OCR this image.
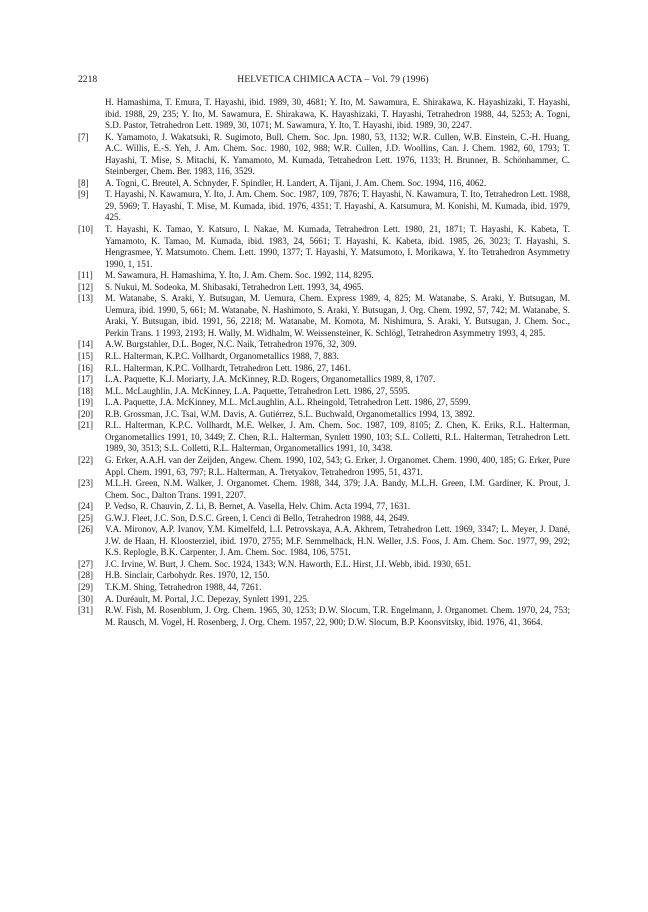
2218	HELVETICA CHIMICA ACTA – Vol. 79 (1996)
H. Hamashima, T. Emura, T. Hayashi, ibid. 1989, 30, 4681; Y. Ito, M. Sawamura, E. Shirakawa, K. Hayashizaki, T. Hayashi, ibid. 1988, 29, 235; Y. Ito, M. Sawamura, E. Shirakawa, K. Hayashizaki, T. Hayashi, Tetrahedron 1988, 44, 5253; A. Togni, S.D. Pastor, Tetrahedron Lett. 1989, 30, 1071; M. Sawamura, Y. Ito, T. Hayashi, ibid. 1989, 30, 2247.
[7]	K. Yamamoto, J. Wakatsuki, R. Sugimoto, Bull. Chem. Soc. Jpn. 1980, 53, 1132; W.R. Cullen, W.B. Einstein, C.-H. Huang, A.C. Willis, E.-S. Yeh, J. Am. Chem. Soc. 1980, 102, 988; W.R. Cullen, J.D. Woollins, Can. J. Chem. 1982, 60, 1793; T. Hayashi, T. Mise, S. Mitachi, K. Yamamoto, M. Kumada, Tetrahedron Lett. 1976, 1133; H. Brunner, B. Schönhammer, C. Steinberger, Chem. Ber. 1983, 116, 3529.
[8]	A. Togni, C. Breutel, A. Schnyder, F. Spindler, H. Landert, A. Tijani, J. Am. Chem. Soc. 1994, 116, 4062.
[9]	T. Hayashi, N. Kawamura, Y. Ito, J. Am. Chem. Soc. 1987, 109, 7876; T. Hayashi, N. Kawamura, T. Ito, Tetrahedron Lett. 1988, 29, 5969; T. Hayashi, T. Mise, M. Kumada, ibid. 1976, 4351; T. Hayashi, A. Katsumura, M. Konishi, M. Kumada, ibid. 1979, 425.
[10]	T. Hayashi, K. Tamao, Y. Katsuro, I. Nakae, M. Kumada, Tetrahedron Lett. 1980, 21, 1871; T. Hayashi, K. Kabeta, T. Yamamoto, K. Tamao, M. Kumada, ibid. 1983, 24, 5661; T. Hayashi, K. Kabeta, ibid. 1985, 26, 3023; T. Hayashi, S. Hengrasmee, Y. Matsumoto. Chem. Lett. 1990, 1377; T. Hayashi, Y. Matsumoto, I. Morikawa, Y. Ito Tetrahedron Asymmetry 1990, 1, 151.
[11]	M. Sawamura, H. Hamashima, Y. Ito, J. Am. Chem. Soc. 1992, 114, 8295.
[12]	S. Nukui, M. Sodeoka, M. Shibasaki, Tetrahedron Lett. 1993, 34, 4965.
[13]	M. Watanabe, S. Araki, Y. Butsugan, M. Uemura, Chem. Express 1989, 4, 825; M. Watanabe, S. Araki, Y. Butsugan, M. Uemura, ibid. 1990, 5, 661; M. Watanabe, N. Hashimoto, S. Araki, Y. Butsugan, J. Org. Chem. 1992, 57, 742; M. Watanabe, S. Araki, Y. Butsugan, ibid. 1991, 56, 2218; M. Watanabe, M. Komota, M. Nishimura, S. Araki, Y. Butsugan, J. Chem. Soc., Perkin Trans. 1 1993, 2193; H. Wally, M. Widhalm, W. Weissensteiner, K. Schlögl, Tetrahedron Asymmetry 1993, 4, 285.
[14]	A.W. Burgstahler, D.L. Boger, N.C. Naik, Tetrahedron 1976, 32, 309.
[15]	R.L. Halterman, K.P.C. Vollhardt, Organometallics 1988, 7, 883.
[16]	R.L. Halterman, K.P.C. Vollhardt, Tetrahedron Lett. 1986, 27, 1461.
[17]	L.A. Paquette, K.J. Moriarty, J.A. McKinney, R.D. Rogers, Organometallics 1989, 8, 1707.
[18]	M.L. McLaughlin, J.A. McKinney, L.A. Paquette, Tetrahedron Lett. 1986, 27, 5595.
[19]	L.A. Paquette, J.A. McKinney, M.L. McLaughlin, A.L. Rheingold, Tetrahedron Lett. 1986, 27, 5599.
[20]	R.B. Grossman, J.C. Tsai, W.M. Davis, A. Gutiérrez, S.L. Buchwald, Organometallics 1994, 13, 3892.
[21]	R.L. Halterman, K.P.C. Vollhardt, M.E. Welker, J. Am. Chem. Soc. 1987, 109, 8105; Z. Chen, K. Eriks, R.L. Halterman, Organometallics 1991, 10, 3449; Z. Chen, R.L. Halterman, Synlett 1990, 103; S.L. Colletti, R.L. Halterman, Tetrahedron Lett. 1989, 30, 3513; S.L. Colletti, R.L. Halterman, Organometallics 1991, 10, 3438.
[22]	G. Erker, A.A.H. van der Zeijden, Angew. Chem. 1990, 102, 543; G. Erker, J. Organomet. Chem. 1990, 400, 185; G. Erker, Pure Appl. Chem. 1991, 63, 797; R.L. Halterman, A. Tretyakov, Tetrahedron 1995, 51, 4371.
[23]	M.L.H. Green, N.M. Walker, J. Organomet. Chem. 1988, 344, 379; J.A. Bandy, M.L.H. Green, I.M. Gardiner, K. Prout, J. Chem. Soc., Dalton Trans. 1991, 2207.
[24]	P. Vedso, R. Chauvin, Z. Li, B. Bernet, A. Vasella, Helv. Chim. Acta 1994, 77, 1631.
[25]	G.W.J. Fleet, J.C. Son, D.S.C. Green, I. Cenci di Bello, Tetrahedron 1988, 44, 2649.
[26]	V.A. Mironov, A.P. Ivanov, Y.M. Kimelfeld, L.I. Petrovskaya, A.A. Akhrem, Tetrahedron Lett. 1969, 3347; L. Meyer, J. Dané, J.W. de Haan, H. Kloosterziel, ibid. 1970, 2755; M.F. Semmelhack, H.N. Weller, J.S. Foos, J. Am. Chem. Soc. 1977, 99, 292; K.S. Replogle, B.K. Carpenter, J. Am. Chem. Soc. 1984, 106, 5751.
[27]	J.C. Irvine, W. Burt, J. Chem. Soc. 1924, 1343; W.N. Haworth, E.L. Hirst, J.I. Webb, ibid. 1930, 651.
[28]	H.B. Sinclair, Carbohydr. Res. 1970, 12, 150.
[29]	T.K.M. Shing, Tetrahedron 1988, 44, 7261.
[30]	A. Duréault, M. Portal, J.C. Depezay, Synlett 1991, 225.
[31]	R.W. Fish, M. Rosenblum, J. Org. Chem. 1965, 30, 1253; D.W. Slocum, T.R. Engelmann, J. Organomet. Chem. 1970, 24, 753; M. Rausch, M. Vogel, H. Rosenberg, J. Org. Chem. 1957, 22, 900; D.W. Slocum, B.P. Koonsvitsky, ibid. 1976, 41, 3664.
